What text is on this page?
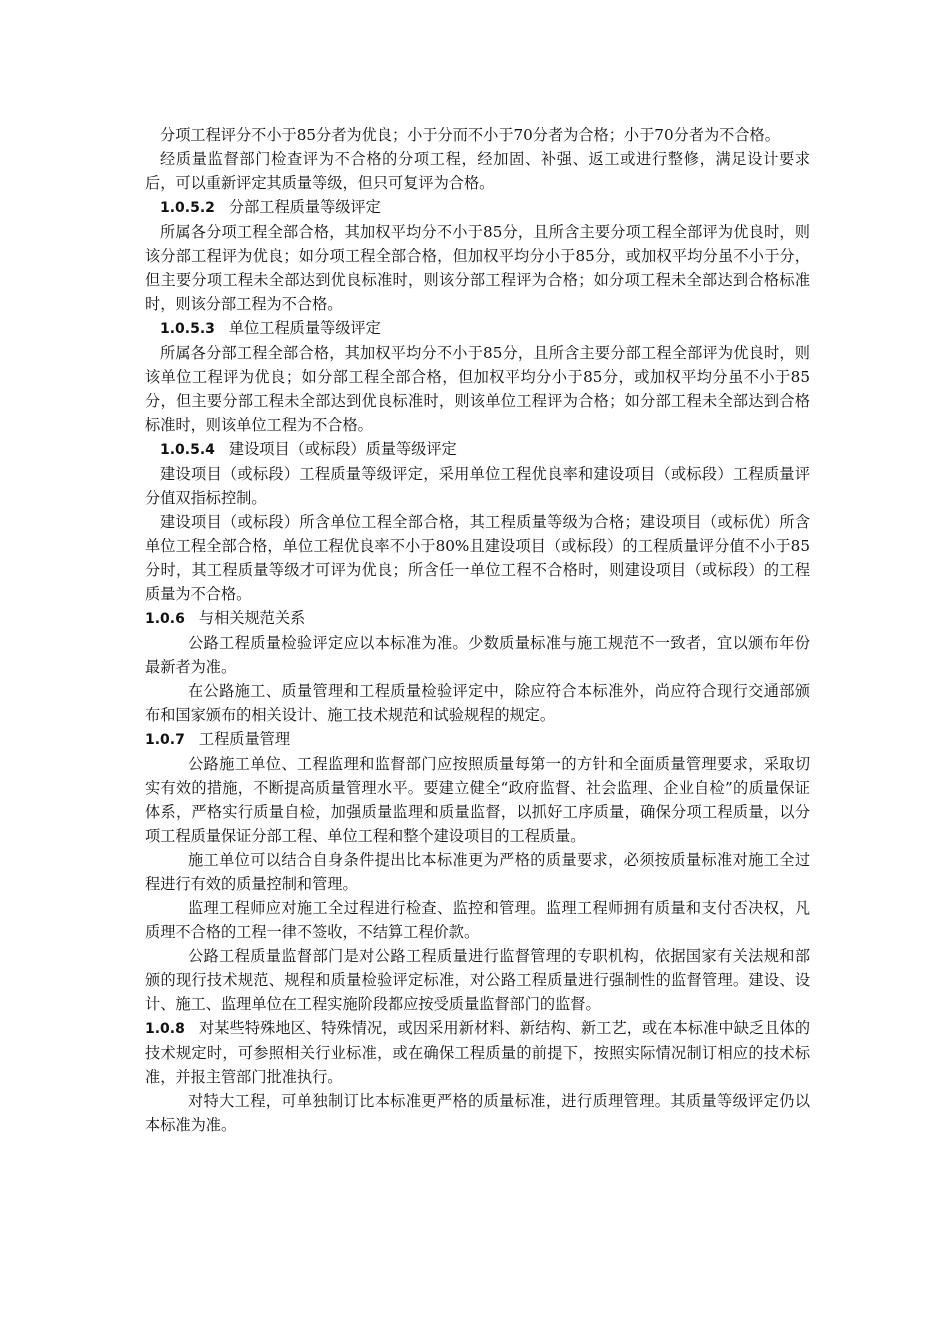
分项工程评分不小于85分者为优良；小于分而不小于70分者为合格；小于70分者为不合格。

经质量监督部门检查评为不合格的分项工程，经加固、补强、返工或进行整修，满足设计要求后，可以重新评定其质量等级，但只可复评为合格。

1.0.5.2 分部工程质量等级评定

所属各分项工程全部合格，其加权平均分不小于85分，且所含主要分项工程全部评为优良时，则该分部工程评为优良；如分项工程全部合格，但加权平均分小于85分，或加权平均分虽不小于分，但主要分项工程未全部达到优良标准时，则该分部工程评为合格；如分项工程未全部达到合格标准时，则该分部工程为不合格。

1.0.5.3 单位工程质量等级评定

所属各分部工程全部合格，其加权平均分不小于85分，且所含主要分部工程全部评为优良时，则该单位工程评为优良；如分部工程全部合格，但加权平均分小于85分，或加权平均分虽不小于85分，但主要分部工程未全部达到优良标准时，则该单位工程评为合格；如分部工程未全部达到合格标准时，则该单位工程为不合格。

1.0.5.4 建设项目（或标段）质量等级评定

建设项目（或标段）工程质量等级评定，采用单位工程优良率和建设项目（或标段）工程质量评分值双指标控制。

建设项目（或标段）所含单位工程全部合格，其工程质量等级为合格；建设项目（或标优）所含单位工程全部合格，单位工程优良率不小于80%且建设项目（或标段）的工程质量评分值不小于85分时，其工程质量等级才可评为优良；所含任一单位工程不合格时，则建设项目（或标段）的工程质量为不合格。

1.0.6 与相关规范关系

公路工程质量检验评定应以本标准为准。少数质量标准与施工规范不一致者，宜以颁布年份最新者为准。

在公路施工、质量管理和工程质量检验评定中，除应符合本标准外，尚应符合现行交通部颁布和国家颁布的相关设计、施工技术规范和试验规程的规定。

1.0.7 工程质量管理

公路施工单位、工程监理和监督部门应按照质量每第一的方针和全面质量管理要求，采取切实有效的措施，不断提高质量管理水平。要建立健全“政府监督、社会监理、企业自检”的质量保证体系，严格实行质量自检，加强质量监理和质量监督，以抓好工序质量，确保分项工程质量，以分项工程质量保证分部工程、单位工程和整个建设项目的工程质量。

施工单位可以结合自身条件提出比本标准更为严格的质量要求，必须按质量标准对施工全过程进行有效的质量控制和管理。

监理工程师应对施工全过程进行检查、监控和管理。监理工程师拥有质量和支付否决权，凡质理不合格的工程一律不签收，不结算工程价款。

公路工程质量监督部门是对公路工程质量进行监督管理的专职机构，依据国家有关法规和部颁的现行技术规范、规程和质量检验评定标准，对公路工程质量进行强制性的监督管理。建设、设计、施工、监理单位在工程实施阶段都应按受质量监督部门的监督。

1.0.8 对某些特殊地区、特殊情况，或因采用新材料、新结构、新工艺，或在本标准中缺乏且体的技术规定时，可参照相关行业标准，或在确保工程质量的前提下，按照实际情况制订相应的技术标准，并报主管部门批准执行。

对特大工程，可单独制订比本标准更严格的质量标准，进行质理管理。其质量等级评定仍以本标准为准。
